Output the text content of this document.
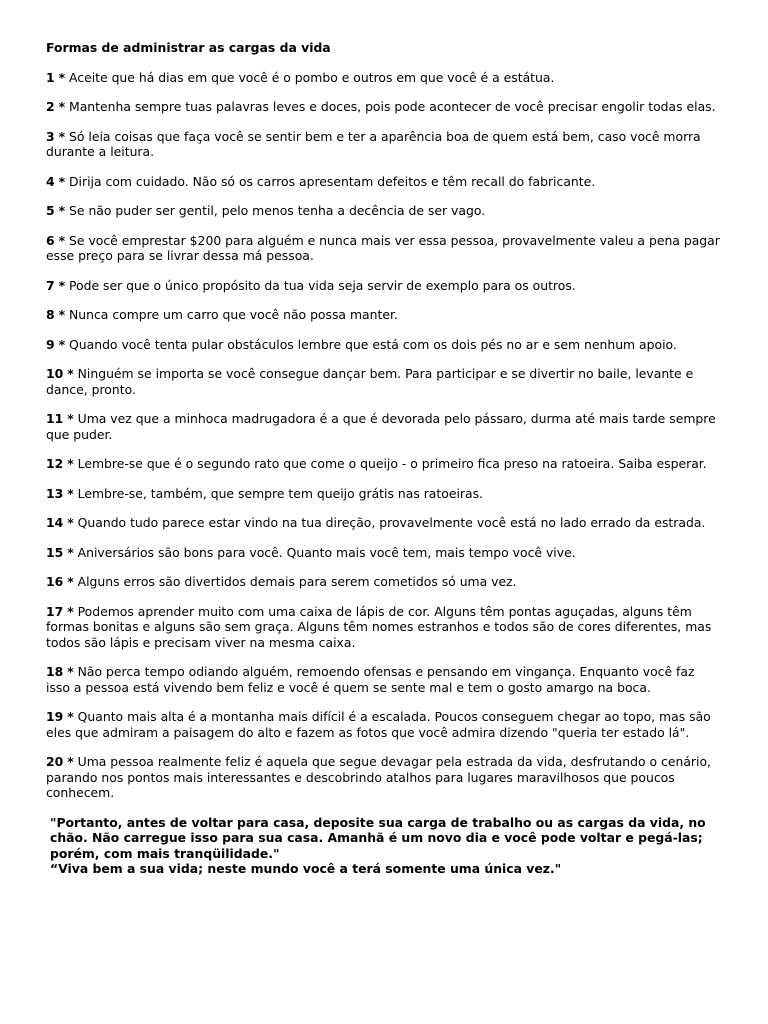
Formas de administrar as cargas da vida

1 * Aceite que há dias em que você é o pombo e outros em que você é a estátua.

2 * Mantenha sempre tuas palavras leves e doces, pois pode acontecer de você precisar engolir todas elas.

3 * Só leia coisas que faça você se sentir bem e ter a aparência boa de quem está bem, caso você morra durante a leitura.

4 * Dirija com cuidado. Não só os carros apresentam defeitos e têm recall do fabricante.

5 * Se não puder ser gentil, pelo menos tenha a decência de ser vago.

6 * Se você emprestar $200 para alguém e nunca mais ver essa pessoa, provavelmente valeu a pena pagar esse preço para se livrar dessa má pessoa.

7 * Pode ser que o único propósito da tua vida seja servir de exemplo para os outros.

8 * Nunca compre um carro que você não possa manter.

9 * Quando você tenta pular obstáculos lembre que está com os dois pés no ar e sem nenhum apoio.

10 * Ninguém se importa se você consegue dançar bem. Para participar e se divertir no baile, levante e dance, pronto.

11 * Uma vez que a minhoca madrugadora é a que é devorada pelo pássaro, durma até mais tarde sempre que puder.

12 * Lembre-se que é o segundo rato que come o queijo - o primeiro fica preso na ratoeira. Saiba esperar.

13 * Lembre-se, também, que sempre tem queijo grátis nas ratoeiras.

14 * Quando tudo parece estar vindo na tua direção, provavelmente você está no lado errado da estrada.

15 * Aniversários são bons para você. Quanto mais você tem, mais tempo você vive.

16 * Alguns erros são divertidos demais para serem cometidos só uma vez.

17 * Podemos aprender muito com uma caixa de lápis de cor. Alguns têm pontas aguçadas, alguns têm formas bonitas e alguns são sem graça. Alguns têm nomes estranhos e todos são de cores diferentes, mas todos são lápis e precisam viver na mesma caixa.

18 * Não perca tempo odiando alguém, remoendo ofensas e pensando em vingança. Enquanto você faz isso a pessoa está vivendo bem feliz e você é quem se sente mal e tem o gosto amargo na boca.

19 * Quanto mais alta é a montanha mais difícil é a escalada. Poucos conseguem chegar ao topo, mas são eles que admiram a paisagem do alto e fazem as fotos que você admira dizendo "queria ter estado lá".

20 * Uma pessoa realmente feliz é aquela que segue devagar pela estrada da vida, desfrutando o cenário, parando nos pontos mais interessantes e descobrindo atalhos para lugares maravilhosos que poucos conhecem.

"Portanto, antes de voltar para casa, deposite sua carga de trabalho ou as cargas da vida, no chão. Não carregue isso para sua casa. Amanhã é um novo dia e você pode voltar e pegá-las; porém, com mais tranqüilidade."

“Viva bem a sua vida; neste mundo você a terá somente uma única vez."
